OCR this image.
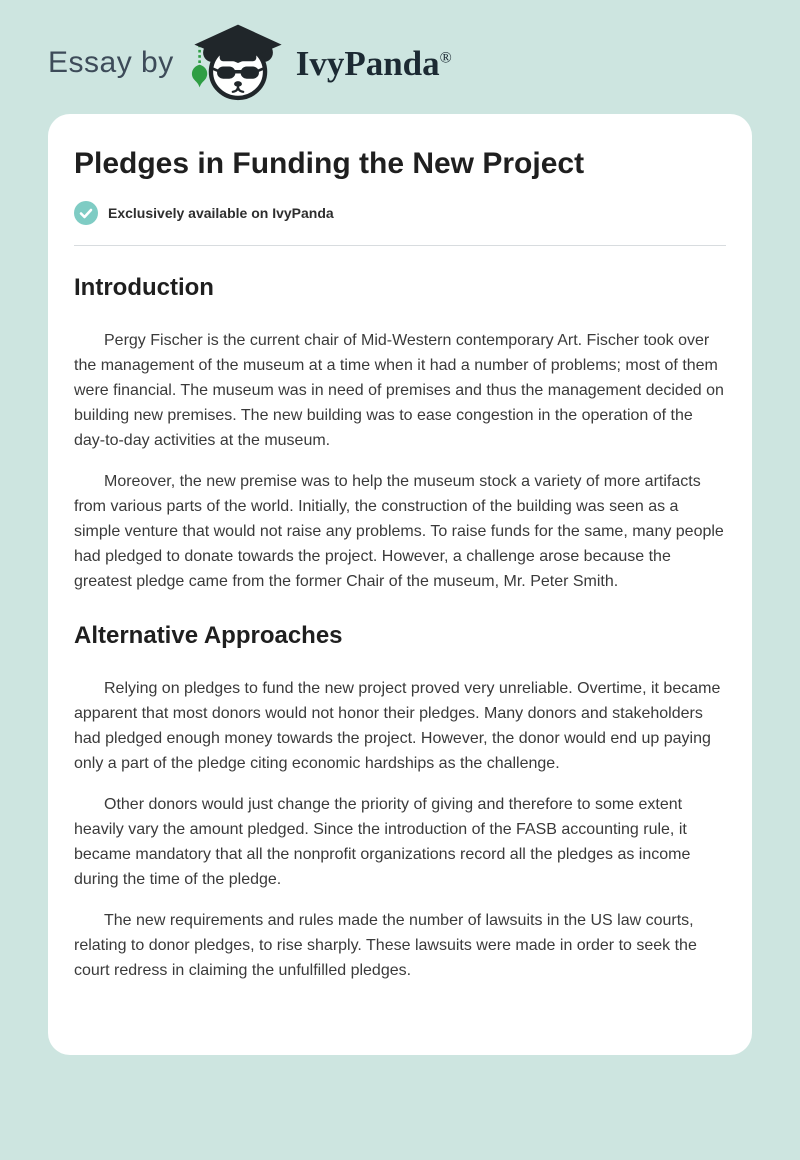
Essay by	IvyPanda®
Pledges in Funding the New Project
Exclusively available on IvyPanda
Introduction

Pergy Fischer is the current chair of Mid-Western contemporary Art. Fischer took over the management of the museum at a time when it had a number of problems; most of them were financial. The museum was in need of premises and thus the management decided on building new premises. The new building was to ease congestion in the operation of the day-to-day activities at the museum.

Moreover, the new premise was to help the museum stock a variety of more artifacts from various parts of the world. Initially, the construction of the building was seen as a simple venture that would not raise any problems. To raise funds for the same, many people had pledged to donate towards the project. However, a challenge arose because the greatest pledge came from the former Chair of the museum, Mr. Peter Smith.

Alternative Approaches

Relying on pledges to fund the new project proved very unreliable. Overtime, it became apparent that most donors would not honor their pledges. Many donors and stakeholders had pledged enough money towards the project. However, the donor would end up paying only a part of the pledge citing economic hardships as the challenge.

Other donors would just change the priority of giving and therefore to some extent heavily vary the amount pledged. Since the introduction of the FASB accounting rule, it became mandatory that all the nonprofit organizations record all the pledges as income during the time of the pledge.

The new requirements and rules made the number of lawsuits in the US law courts, relating to donor pledges, to rise sharply. These lawsuits were made in order to seek the court redress in claiming the unfulfilled pledges.
